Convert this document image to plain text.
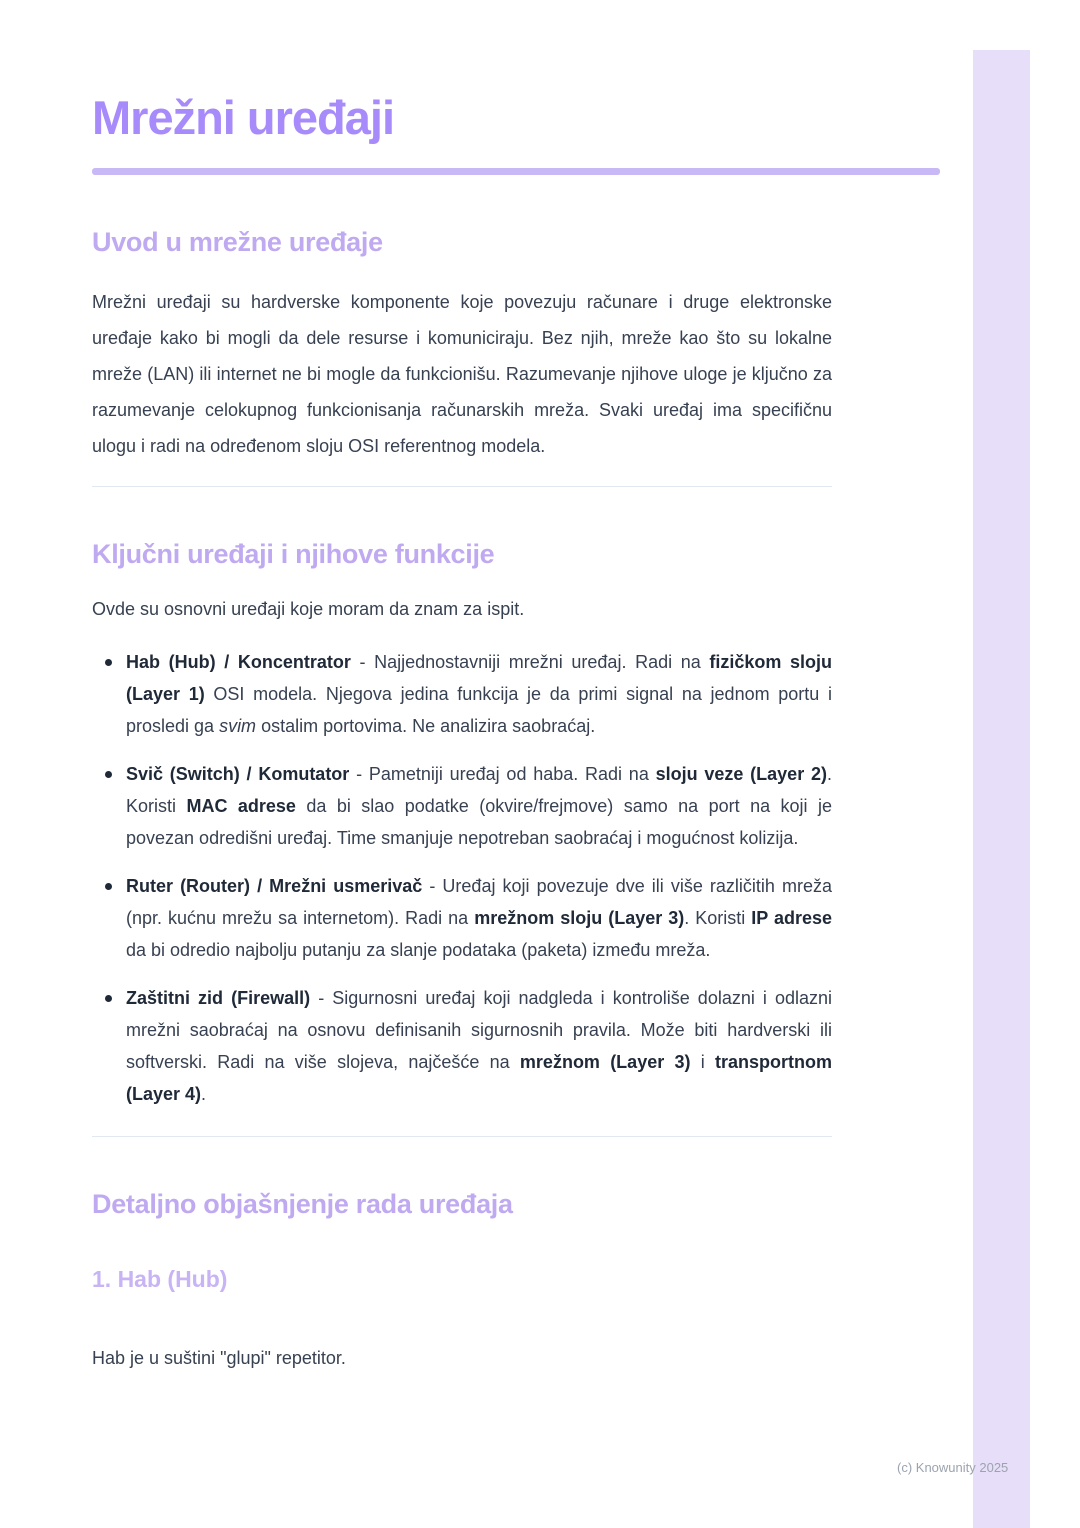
Mrežni uređaji
Uvod u mrežne uređaje

Mrežni uređaji su hardverske komponente koje povezuju računare i druge elektronske uređaje kako bi mogli da dele resurse i komuniciraju. Bez njih, mreže kao što su lokalne mreže (LAN) ili internet ne bi mogle da funkcionišu. Razumevanje njihove uloge je ključno za razumevanje celokupnog funkcionisanja računarskih mreža. Svaki uređaj ima specifičnu ulogu i radi na određenom sloju OSI referentnog modela.

Ključni uređaji i njihove funkcije

Ovde su osnovni uređaji koje moram da znam za ispit.

Hab (Hub) / Koncentrator - Najjednostavniji mrežni uređaj. Radi na fizičkom sloju (Layer 1) OSI modela. Njegova jedina funkcija je da primi signal na jednom portu i prosledi ga svim ostalim portovima. Ne analizira saobraćaj.
Svič (Switch) / Komutator - Pametniji uređaj od haba. Radi na sloju veze (Layer 2). Koristi MAC adrese da bi slao podatke (okvire/frejmove) samo na port na koji je povezan odredišni uređaj. Time smanjuje nepotreban saobraćaj i mogućnost kolizija.
Ruter (Router) / Mrežni usmerivač - Uređaj koji povezuje dve ili više različitih mreža (npr. kućnu mrežu sa internetom). Radi na mrežnom sloju (Layer 3). Koristi IP adrese da bi odredio najbolju putanju za slanje podataka (paketa) između mreža.
Zaštitni zid (Firewall) - Sigurnosni uređaj koji nadgleda i kontroliše dolazni i odlazni mrežni saobraćaj na osnovu definisanih sigurnosnih pravila. Može biti hardverski ili softverski. Radi na više slojeva, najčešće na mrežnom (Layer 3) i transportnom (Layer 4).
Detaljno objašnjenje rada uređaja
1. Hab (Hub)

Hab je u suštini "glupi" repetitor.

(c) Knowunity 2025
